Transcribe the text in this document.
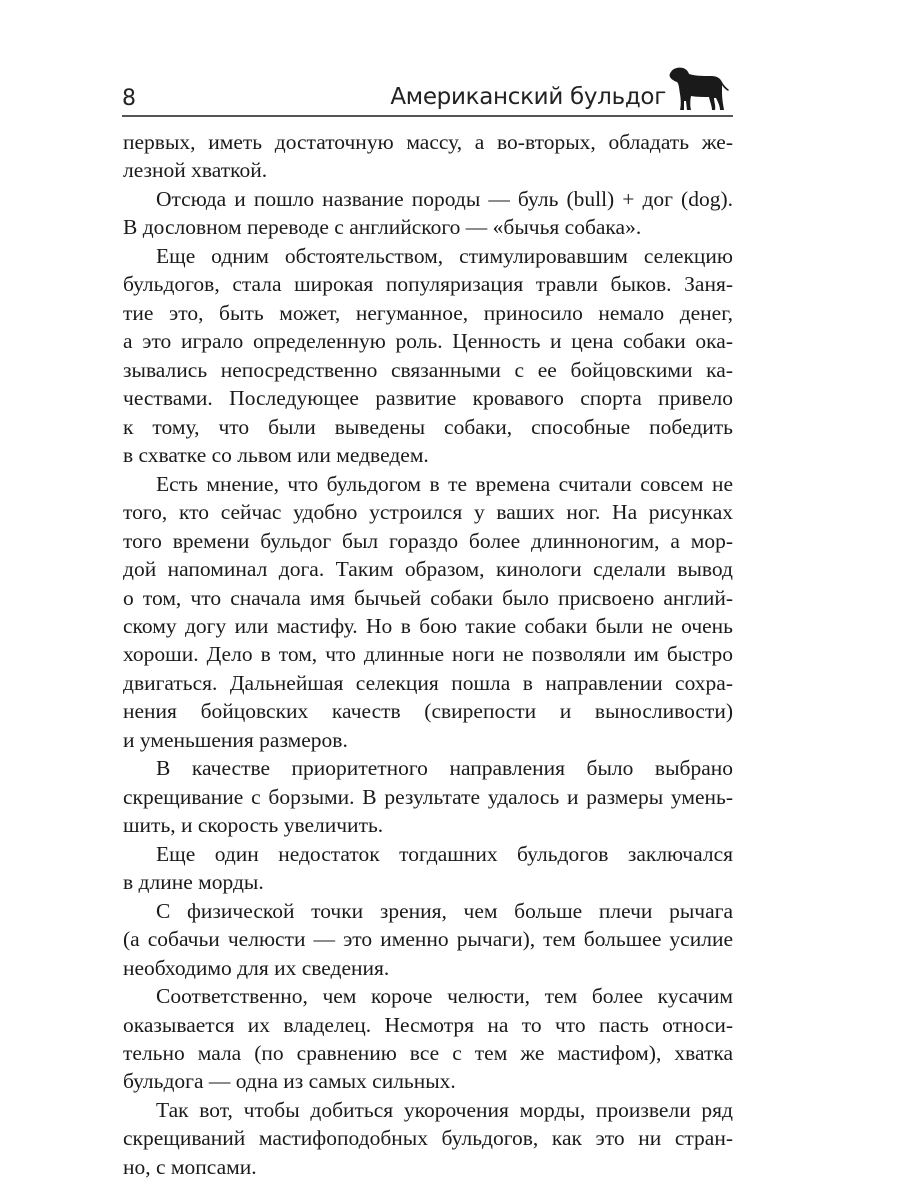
8	Американский бульдог
первых, иметь достаточную массу, а во-вторых, обладать же-
лезной хваткой.
Отсюда и пошло название породы — буль (bull) + дог (dog).
В дословном переводе с английского — «бычья собака».
Еще одним обстоятельством, стимулировавшим селекцию
бульдогов, стала широкая популяризация травли быков. Заня-
тие это, быть может, негуманное, приносило немало денег,
а это играло определенную роль. Ценность и цена собаки ока-
зывались непосредственно связанными с ее бойцовскими ка-
чествами. Последующее развитие кровавого спорта привело
к тому, что были выведены собаки, способные победить
в схватке со львом или медведем.
Есть мнение, что бульдогом в те времена считали совсем не
того, кто сейчас удобно устроился у ваших ног. На рисунках
того времени бульдог был гораздо более длинноногим, а мор-
дой напоминал дога. Таким образом, кинологи сделали вывод
о том, что сначала имя бычьей собаки было присвоено англий-
скому догу или мастифу. Но в бою такие собаки были не очень
хороши. Дело в том, что длинные ноги не позволяли им быстро
двигаться. Дальнейшая селекция пошла в направлении сохра-
нения бойцовских качеств (свирепости и выносливости)
и уменьшения размеров.
В качестве приоритетного направления было выбрано
скрещивание с борзыми. В результате удалось и размеры умень-
шить, и скорость увеличить.
Еще один недостаток тогдашних бульдогов заключался
в длине морды.
С физической точки зрения, чем больше плечи рычага
(а собачьи челюсти — это именно рычаги), тем большее усилие
необходимо для их сведения.
Соответственно, чем короче челюсти, тем более кусачим
оказывается их владелец. Несмотря на то что пасть относи-
тельно мала (по сравнению все с тем же мастифом), хватка
бульдога — одна из самых сильных.
Так вот, чтобы добиться укорочения морды, произвели ряд
скрещиваний мастифоподобных бульдогов, как это ни стран-
но, с мопсами.
